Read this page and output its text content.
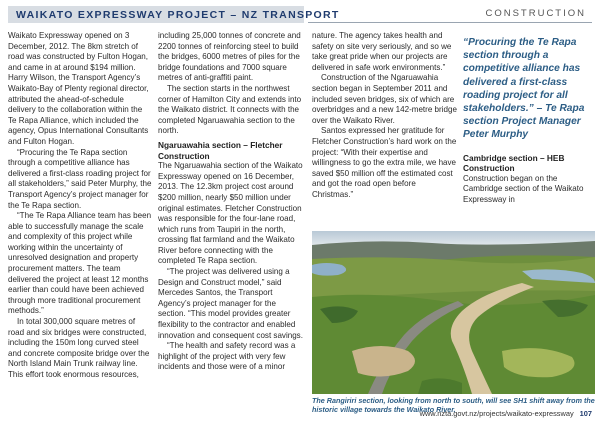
WAIKATO EXPRESSWAY PROJECT – NZ TRANSPORT	CONSTRUCTION

Waikato Expressway opened on 3 December, 2012. The 8km stretch of road was constructed by Fulton Hogan, and came in at around $194 million. Harry Wilson, the Transport Agency’s Waikato-Bay of Plenty regional director, attributed the ahead-of-schedule delivery to the collaboration within the Te Rapa Alliance, which included the agency, Opus International Consultants and Fulton Hogan.

“Procuring the Te Rapa section through a competitive alliance has delivered a first-class roading project for all stakeholders,” said Peter Murphy, the Transport Agency’s project manager for the Te Rapa section.

“The Te Rapa Alliance team has been able to successfully manage the scale and complexity of this project while working within the uncertainty of unresolved designation and property procurement matters. The team delivered the project at least 12 months earlier than could have been achieved through more traditional procurement methods.”

In total 300,000 square metres of road and six bridges were constructed, including the 150m long curved steel and concrete composite bridge over the North Island Main Trunk railway line. This effort took enormous resources,

including 25,000 tonnes of concrete and 2200 tonnes of reinforcing steel to build the bridges, 6000 metres of piles for the bridge foundations and 7000 square metres of anti-graffiti paint.

The section starts in the northwest corner of Hamilton City and extends into the Waikato district. It connects with the completed Ngaruawahia section to the north.

Ngaruawahia section – Fletcher Construction

The Ngaruawahia section of the Waikato Expressway opened on 16 December, 2013. The 12.3km project cost around $200 million, nearly $50 million under original estimates. Fletcher Construction was responsible for the four-lane road, which runs from Taupiri in the north, crossing flat farmland and the Waikato River before connecting with the completed Te Rapa section.

“The project was delivered using a Design and Construct model,” said Mercedes Santos, the Transport Agency’s project manager for the section. “This model provides greater flexibility to the contractor and enabled innovation and consequent cost savings.

“The health and safety record was a highlight of the project with very few incidents and those were of a minor

nature. The agency takes health and safety on site very seriously, and so we take great pride when our projects are delivered in safe work environments.”

Construction of the Ngaruawahia section began in September 2011 and included seven bridges, six of which are overbridges and a new 142-metre bridge over the Waikato River.

Santos expressed her gratitude for Fletcher Construction’s hard work on the project: “With their expertise and willingness to go the extra mile, we have saved $50 million off the estimated cost and got the road open before Christmas.”

“Procuring the Te Rapa section through a competitive alliance has delivered a first-class roading project for all stakeholders.” – Te Rapa section Project Manager Peter Murphy

Cambridge section – HEB Construction

Construction began on the Cambridge section of the Waikato Expressway in

The Rangiriri section, looking from north to south, will see SH1 shift away from the historic village towards the Waikato River.
www.nzta.govt.nz/projects/waikato-expressway 107
